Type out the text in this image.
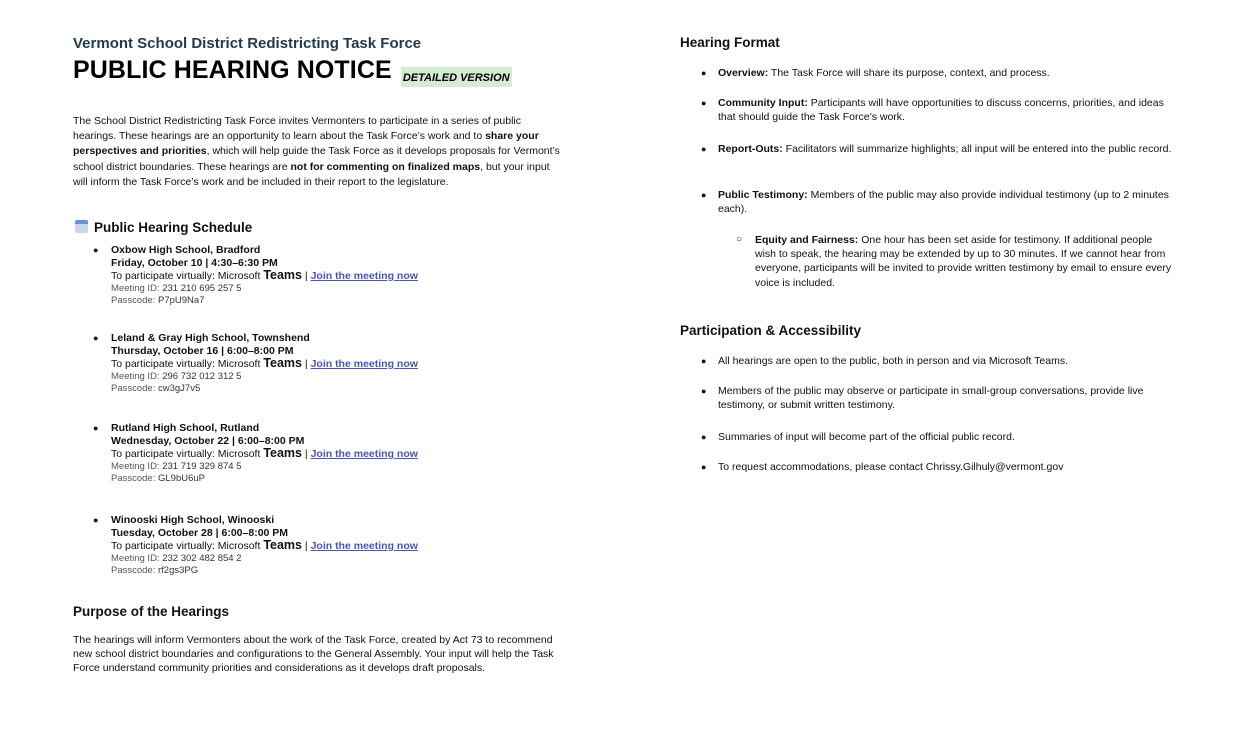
Vermont School District Redistricting Task Force
PUBLIC HEARING NOTICE DETAILED VERSION
The School District Redistricting Task Force invites Vermonters to participate in a series of public hearings. These hearings are an opportunity to learn about the Task Force’s work and to share your perspectives and priorities, which will help guide the Task Force as it develops proposals for Vermont’s school district boundaries. These hearings are not for commenting on finalized maps, but your input will inform the Task Force’s work and be included in their report to the legislature.
Public Hearing Schedule
● Oxbow High School, Bradford
Friday, October 10 | 4:30–6:30 PM
To participate virtually: Microsoft Teams | Join the meeting now
Meeting ID: 231 210 695 257 5
Passcode: P7pU9Na7
● Leland & Gray High School, Townshend
Thursday, October 16 | 6:00–8:00 PM
To participate virtually: Microsoft Teams | Join the meeting now
Meeting ID: 296 732 012 312 5
Passcode: cw3gJ7v5
● Rutland High School, Rutland
Wednesday, October 22 | 6:00–8:00 PM
To participate virtually: Microsoft Teams | Join the meeting now
Meeting ID: 231 719 329 874 5
Passcode: GL9bU6uP
● Winooski High School, Winooski
Tuesday, October 28 | 6:00–8:00 PM
To participate virtually: Microsoft Teams | Join the meeting now
Meeting ID: 232 302 482 854 2
Passcode: rf2gs3PG
Purpose of the Hearings
The hearings will inform Vermonters about the work of the Task Force, created by Act 73 to recommend new school district boundaries and configurations to the General Assembly. Your input will help the Task Force understand community priorities and considerations as it develops draft proposals.
Hearing Format
● Overview: The Task Force will share its purpose, context, and process.
● Community Input: Participants will have opportunities to discuss concerns, priorities, and ideas that should guide the Task Force’s work.
● Report-Outs: Facilitators will summarize highlights; all input will be entered into the public record.
● Public Testimony: Members of the public may also provide individual testimony (up to 2 minutes each).
○ Equity and Fairness: One hour has been set aside for testimony. If additional people wish to speak, the hearing may be extended by up to 30 minutes. If we cannot hear from everyone, participants will be invited to provide written testimony by email to ensure every voice is included.
Participation & Accessibility
● All hearings are open to the public, both in person and via Microsoft Teams.
● Members of the public may observe or participate in small-group conversations, provide live testimony, or submit written testimony.
● Summaries of input will become part of the official public record.
● To request accommodations, please contact Chrissy.Gilhuly@vermont.gov
